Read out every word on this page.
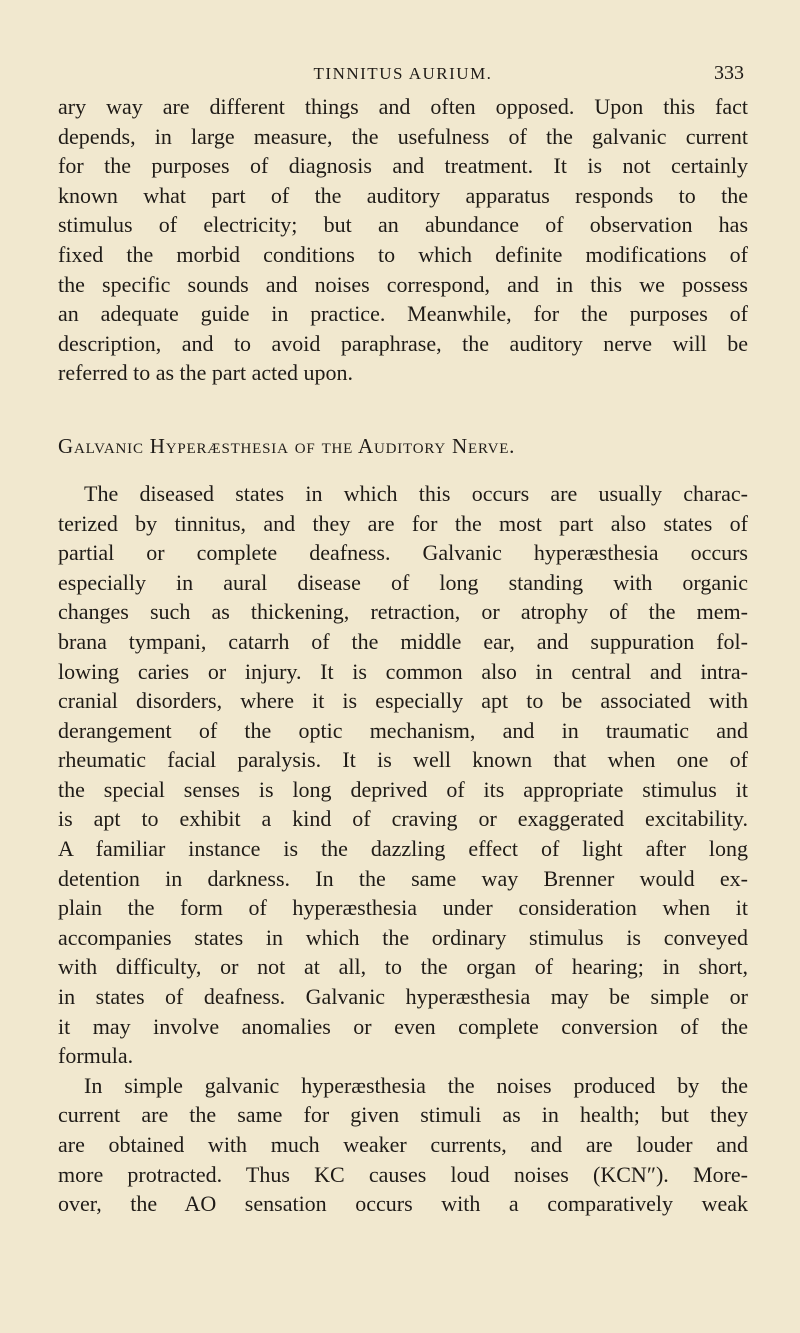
TINNITUS AURIUM.	333

ary way are different things and often opposed. Upon this fact
depends, in large measure, the usefulness of the galvanic current
for the purposes of diagnosis and treatment. It is not certainly
known what part of the auditory apparatus responds to the
stimulus of electricity; but an abundance of observation has
fixed the morbid conditions to which definite modifications of
the specific sounds and noises correspond, and in this we possess
an adequate guide in practice. Meanwhile, for the purposes of
description, and to avoid paraphrase, the auditory nerve will be
referred to as the part acted upon.

Galvanic Hyperæsthesia of the Auditory Nerve.

The diseased states in which this occurs are usually charac-
terized by tinnitus, and they are for the most part also states of
partial or complete deafness. Galvanic hyperæsthesia occurs
especially in aural disease of long standing with organic
changes such as thickening, retraction, or atrophy of the mem-
brana tympani, catarrh of the middle ear, and suppuration fol-
lowing caries or injury. It is common also in central and intra-
cranial disorders, where it is especially apt to be associated with
derangement of the optic mechanism, and in traumatic and
rheumatic facial paralysis. It is well known that when one of
the special senses is long deprived of its appropriate stimulus it
is apt to exhibit a kind of craving or exaggerated excitability.
A familiar instance is the dazzling effect of light after long
detention in darkness. In the same way Brenner would ex-
plain the form of hyperæsthesia under consideration when it
accompanies states in which the ordinary stimulus is conveyed
with difficulty, or not at all, to the organ of hearing; in short,
in states of deafness. Galvanic hyperæsthesia may be simple or
it may involve anomalies or even complete conversion of the
formula.

In simple galvanic hyperæsthesia the noises produced by the
current are the same for given stimuli as in health; but they
are obtained with much weaker currents, and are louder and
more protracted. Thus KC causes loud noises (KCN″). More-
over, the AO sensation occurs with a comparatively weak
